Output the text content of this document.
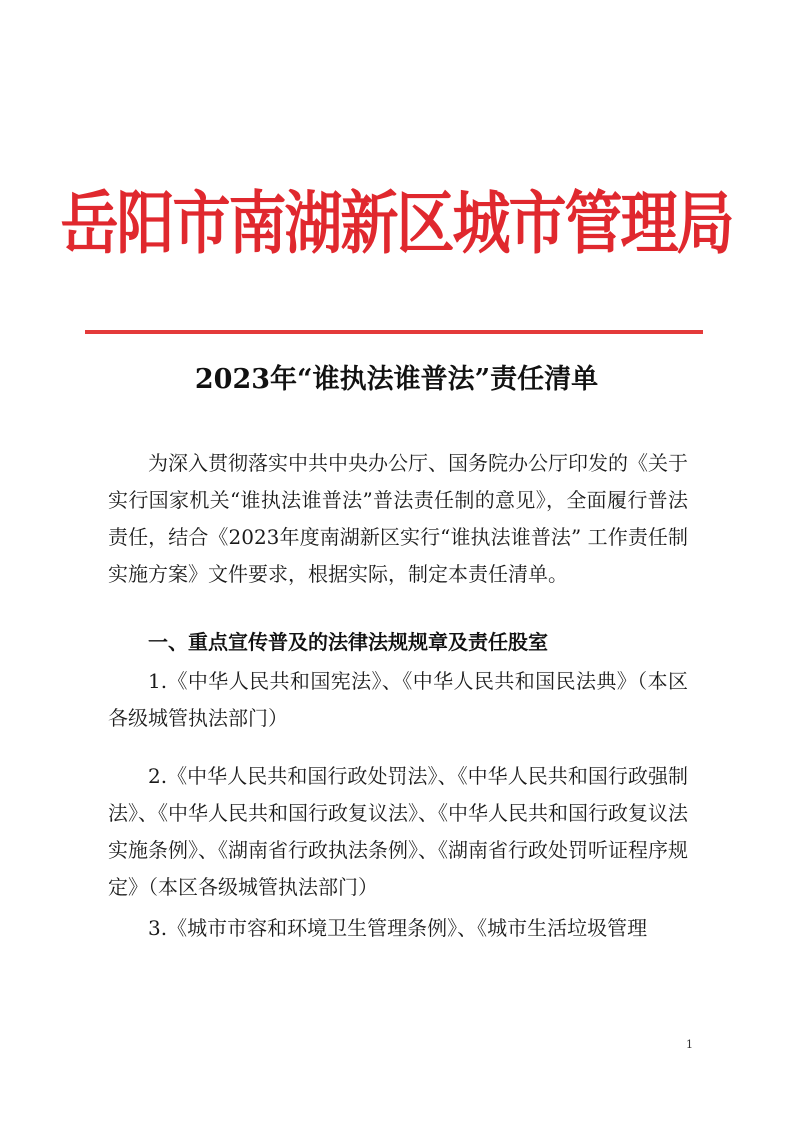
岳阳市南湖新区城市管理局
2023年“谁执法谁普法”责任清单
为深入贯彻落实中共中央办公厅、国务院办公厅印发的《关于实行国家机关“谁执法谁普法”普法责任制的意见》，全面履行普法责任，结合《2023年度南湖新区实行“谁执法谁普法” 工作责任制实施方案》文件要求，根据实际，制定本责任清单。
一、重点宣传普及的法律法规规章及责任股室
1.《中华人民共和国宪法》、《中华人民共和国民法典》（本区各级城管执法部门）
2.《中华人民共和国行政处罚法》、《中华人民共和国行政强制法》、《中华人民共和国行政复议法》、《中华人民共和国行政复议法实施条例》、《湖南省行政执法条例》、《湖南省行政处罚听证程序规定》（本区各级城管执法部门）
3.《城市市容和环境卫生管理条例》、《城市生活垃圾管理
1
